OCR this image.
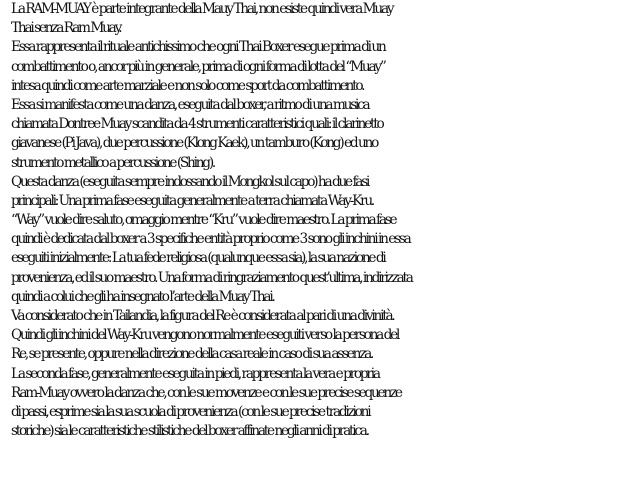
La RAM-MUAY è parte integrante della Mauy Thai, non esiste quindi vera Muay
Thai senza Ram Muay.
Essa rappresenta il rituale antichissimo che ogni Thai Boxer esegue prima di un
combattimento o, ancor più in generale, prima di ogni forma di lotta del “Muay”
intesa quindi come arte marziale e non solo come sport da combattimento.
Essa si manifesta come una danza, eseguita dal boxer, a ritmo di una musica
chiamata Dontree Muay scandita da 4 strumenti caratteristici quali: il clarinetto
giavanese (Pi Java), due percussione (Klong Kaek), un tamburo (Kong) ed uno
strumento metallico a percussione (Shing).
Questa danza (eseguita sempre indossando il Mongkol sul capo) ha due fasi
principali: Una prima fase eseguita generalmente a terra chiamata Way-Kru.
“Way” vuole dire saluto, omaggio mentre “Kru” vuole dire maestro. La prima fase
quindi è dedicata dal boxer a 3 specifiche entità proprio come 3 sono gli inchini in essa
eseguiti inizialmente: La tua fede religiosa (qualunque essa sia), la sua nazione di
provenienza, ed il suo maestro. Una forma di ringraziamento quest’ultima, indirizzata
quindi a colui che gli ha insegnato l’arte della Muay Thai.
Va considerato che in Tailandia, la figura del Re è considerata al pari di una divinità.
Quindi gli inchini del Way-Kru vengono normalmente eseguiti verso la persona del
Re, se presente, oppure nella direzione della casa reale in caso di sua assenza.
La seconda fase, generalmente eseguita in piedi, rappresenta la vera e propria
Ram-Muay ovvero la danza che, con le sue movenze e con le sue precise sequenze
di passi, esprime sia la sua scuola di provenienza (con le sue precise tradizioni
storiche) sia le caratteristiche stilistiche del boxer affinate negli anni di pratica.
